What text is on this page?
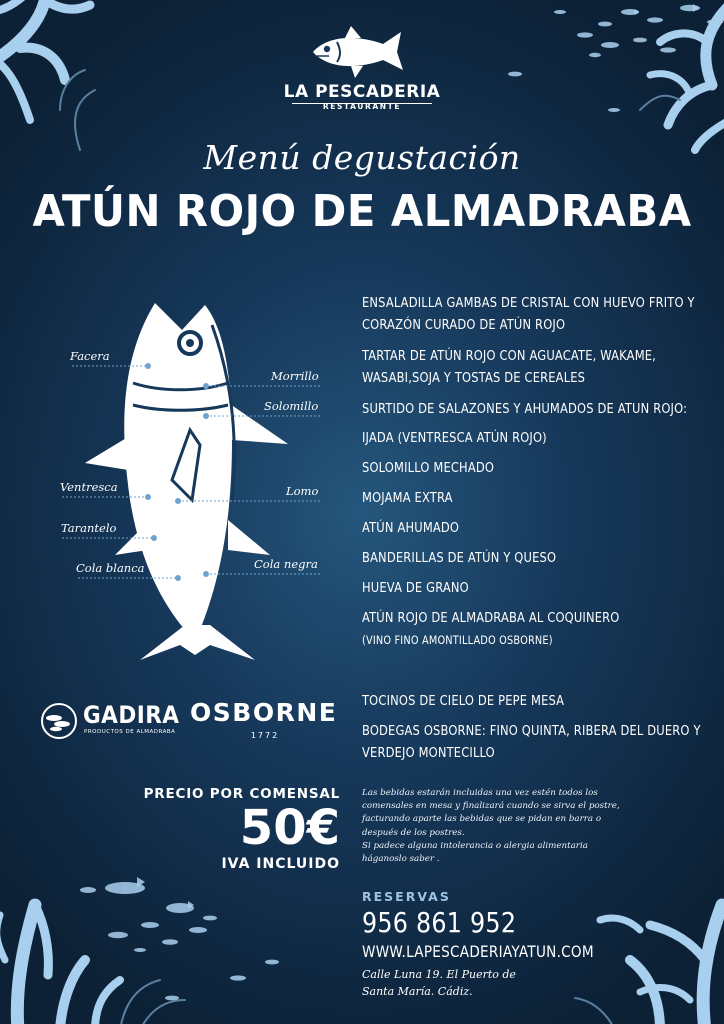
LA PESCADERIA
RESTAURANTE
Menú degustación
ATÚN ROJO DE ALMADRABA
Facera
Morrillo
Solomillo
Ventresca	Lomo
Tarantelo
Cola blanca	Cola negra
ENSALADILLA GAMBAS DE CRISTAL CON HUEVO FRITO Y
CORAZÓN CURADO DE ATÚN ROJO
TARTAR DE ATÚN ROJO CON AGUACATE, WAKAME,
WASABI,SOJA Y TOSTAS DE CEREALES
SURTIDO DE SALAZONES Y AHUMADOS DE ATUN ROJO:
IJADA (VENTRESCA ATÚN ROJO)
SOLOMILLO MECHADO
MOJAMA EXTRA
ATÚN AHUMADO
BANDERILLAS DE ATÚN Y QUESO
HUEVA DE GRANO
ATÚN ROJO DE ALMADRABA AL COQUINERO
(VINO FINO AMONTILLADO OSBORNE)
TOCINOS DE CIELO DE PEPE MESA
BODEGAS OSBORNE: FINO QUINTA, RIBERA DEL DUERO Y
VERDEJO MONTECILLO
GADIRA
PRODUCTOS DE ALMADRABA
OSBORNE
1772
PRECIO POR COMENSAL
50€
IVA INCLUIDO
Las bebidas estarán incluidas una vez estén todos los
comensales en mesa y finalizará cuando se sirva el postre,
facturando aparte las bebidas que se pidan en barra o
después de los postres.
Si padece alguna intolerancia o alergia alimentaria
háganoslo saber .
RESERVAS
956 861 952
WWW.LAPESCADERIAYATUN.COM
Calle Luna 19. El Puerto de
Santa María. Cádiz.
